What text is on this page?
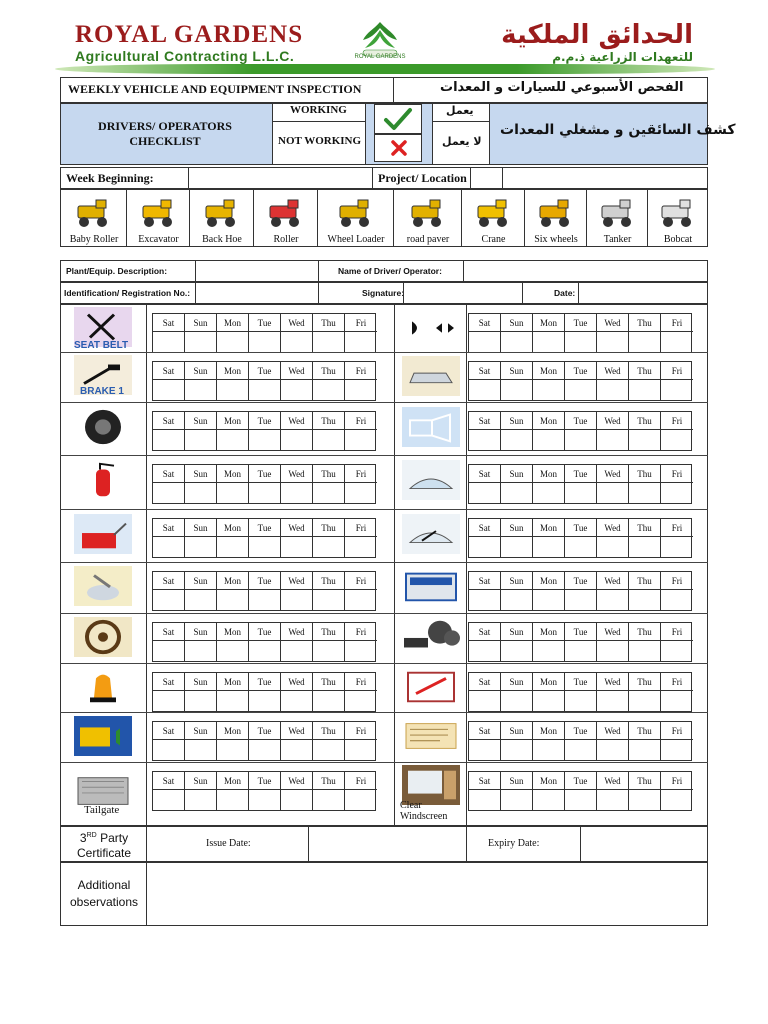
ROYAL GARDENS
Agricultural Contracting L.L.C.	ROYAL GARDENS
الحدائق الملكية
للتعهدات الزراعية ذ.م.م
WEEKLY VEHICLE AND EQUIPMENT INSPECTION	الفحص الأسبوعي للسيارات و المعدات
DRIVERS/ OPERATORS CHECKLIST
WORKING
NOT WORKING
يعمل
لا يعمل
كشف السائقين و مشغلي المعدات
Week Beginning:	Project/ Location
Baby Roller	Excavator	Back Hoe	Roller	Wheel Loader	road paver	Crane	Six wheels	Tanker	Bobcat
Plant/Equip. Description:	Name of Driver/ Operator:
Identification/ Registration No.:	Signature:	Date:
Sat	Sun	Mon	Tue	Wed	Thu	Fri	Sat	Sun	Mon	Tue	Wed	Thu	Fri
Sat	Sun	Mon	Tue	Wed	Thu	Fri	Sat	Sun	Mon	Tue	Wed	Thu	Fri
Sat	Sun	Mon	Tue	Wed	Thu	Fri	Sat	Sun	Mon	Tue	Wed	Thu	Fri
Sat	Sun	Mon	Tue	Wed	Thu	Fri	Sat	Sun	Mon	Tue	Wed	Thu	Fri
Sat	Sun	Mon	Tue	Wed	Thu	Fri	Sat	Sun	Mon	Tue	Wed	Thu	Fri
Sat	Sun	Mon	Tue	Wed	Thu	Fri	Sat	Sun	Mon	Tue	Wed	Thu	Fri
Sat	Sun	Mon	Tue	Wed	Thu	Fri	Sat	Sun	Mon	Tue	Wed	Thu	Fri
Sat	Sun	Mon	Tue	Wed	Thu	Fri	Sat	Sun	Mon	Tue	Wed	Thu	Fri
Sat	Sun	Mon	Tue	Wed	Thu	Fri	Sat	Sun	Mon	Tue	Wed	Thu	Fri
Sat	Sun	Mon	Tue	Wed	Thu	Fri	Sat	Sun	Mon	Tue	Wed	Thu	Fri
SEAT BELT
BRAKE 1
Tailgate	Clear
Windscreen
3RD Party Certificate
Issue Date:	Expiry Date:
Additional observations
